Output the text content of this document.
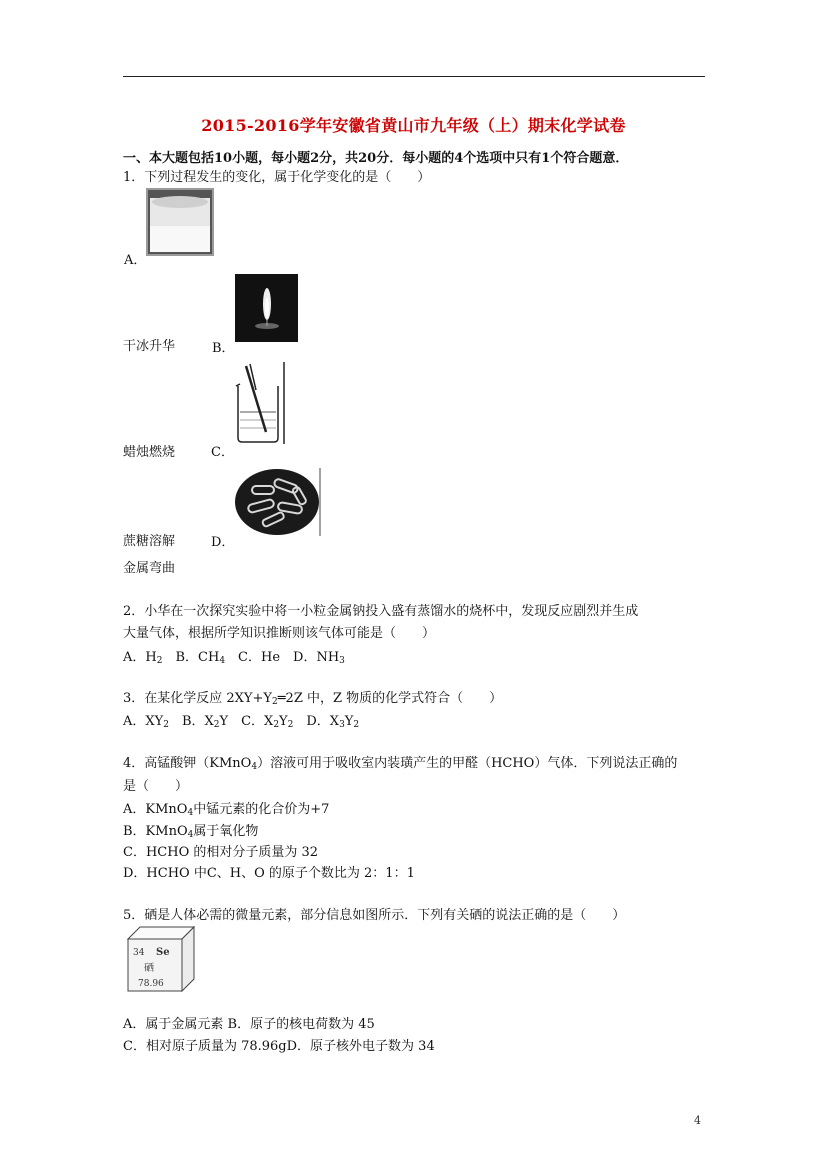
2015-2016学年安徽省黄山市九年级（上）期末化学试卷
一、本大题包括10小题，每小题2分，共20分．每小题的4个选项中只有1个符合题意．
1．下列过程发生的变化，属于化学变化的是（　　）
A．
干冰升华	B．
蜡烛燃烧	C．
蔗糖溶解	D．
金属弯曲
2．小华在一次探究实验中将一小粒金属钠投入盛有蒸馏水的烧杯中，发现反应剧烈并生成
大量气体，根据所学知识推断则该气体可能是（　　）
A．$H_2$  B．$CH_4$  C．He  D．$NH_3$
3．在某化学反应 $2XY+Y_2═2Z$ 中，Z 物质的化学式符合（　　）
A．$XY_2$  B．$X_2Y$  C．$X_2Y_2$  D．$X_3Y_2$
4．高锰酸钾（KMnO$_4$）溶液可用于吸收室内装璜产生的甲醛（HCHO）气体．下列说法正确的
是（　　）
A．KMnO$_4$中锰元素的化合价为+7
B．KMnO$_4$属于氧化物
C．HCHO 的相对分子质量为 32
D．HCHO 中C、H、O 的原子个数比为 2：1：1
5．硒是人体必需的微量元素，部分信息如图所示．下列有关硒的说法正确的是（　　）
34 Se
硒
78.96
A．属于金属元素 B．原子的核电荷数为 45
C．相对原子质量为 78.96gD．原子核外电子数为 34
4
